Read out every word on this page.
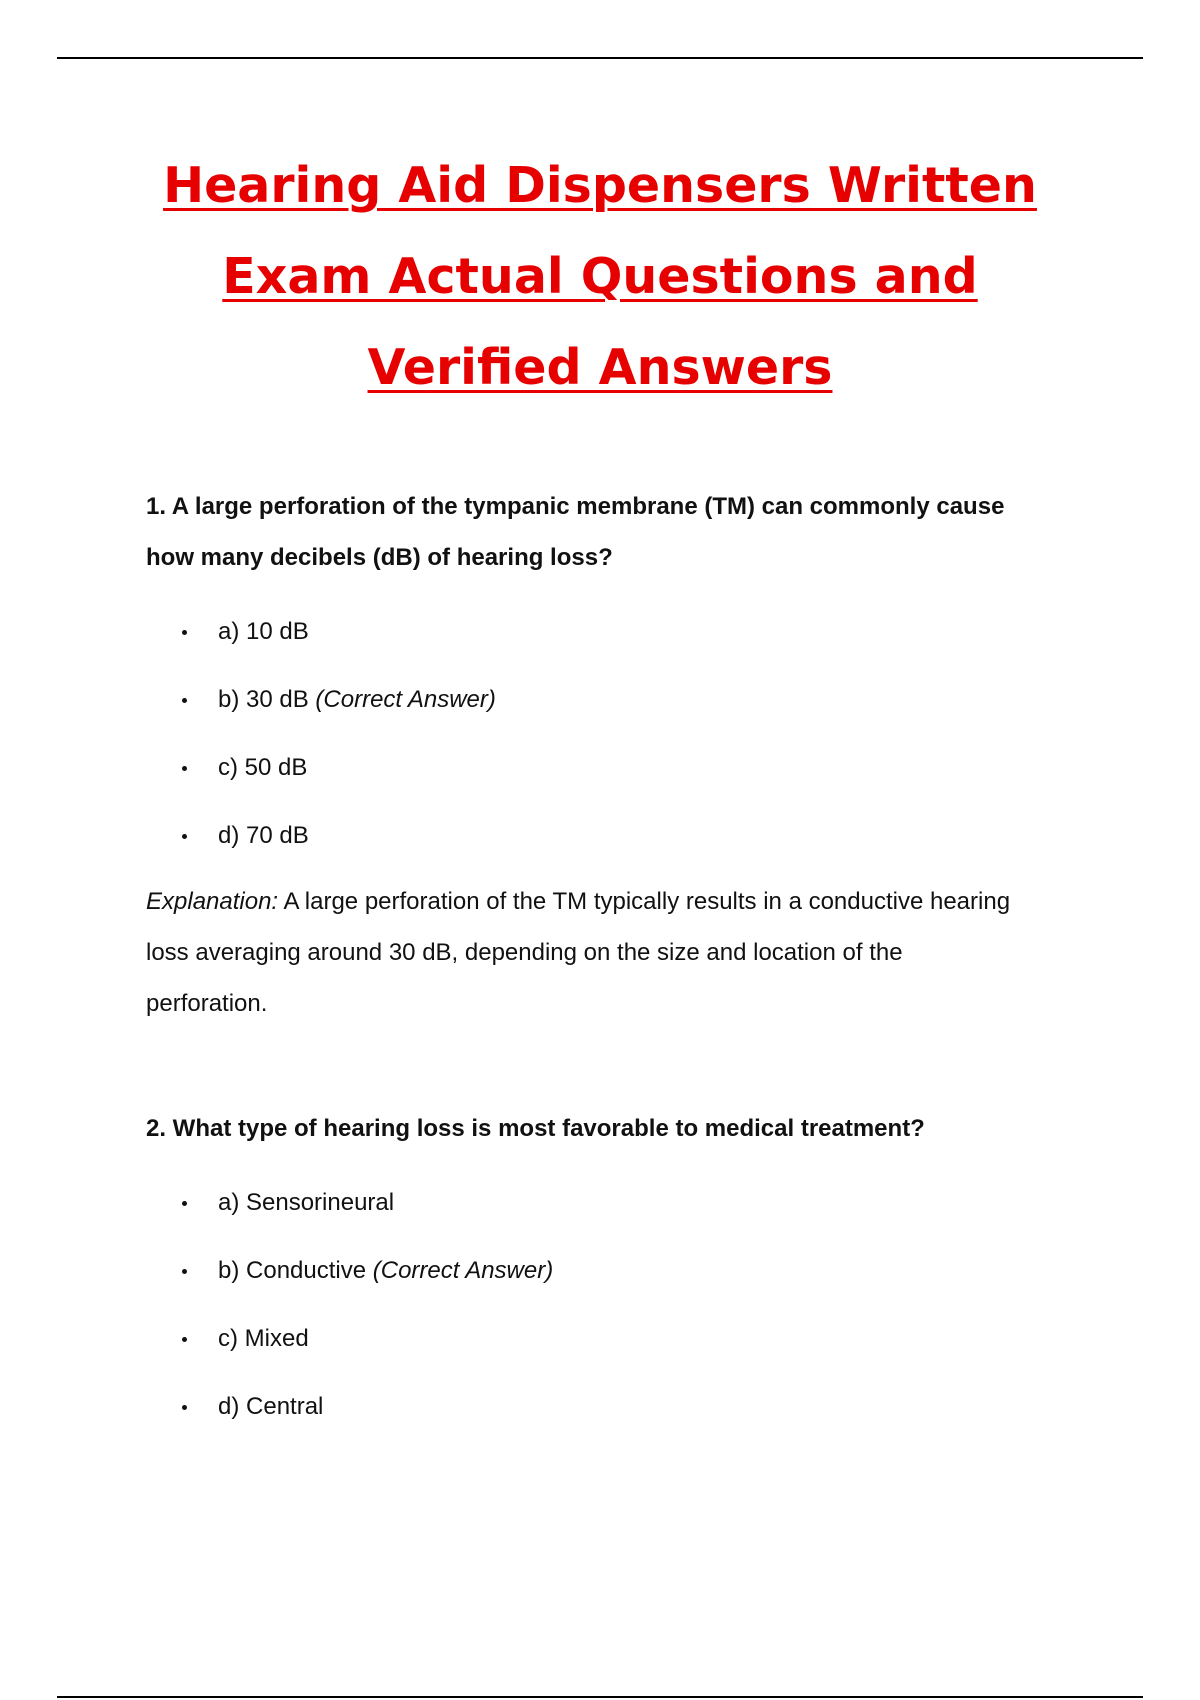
Hearing Aid Dispensers Written
Exam Actual Questions and
Verified Answers

1. A large perforation of the tympanic membrane (TM) can commonly cause
how many decibels (dB) of hearing loss?

a) 10 dB
b) 30 dB (Correct Answer)
c) 50 dB
d) 70 dB

Explanation: A large perforation of the TM typically results in a conductive hearing
loss averaging around 30 dB, depending on the size and location of the
perforation.

2. What type of hearing loss is most favorable to medical treatment?

a) Sensorineural
b) Conductive (Correct Answer)
c) Mixed
d) Central
